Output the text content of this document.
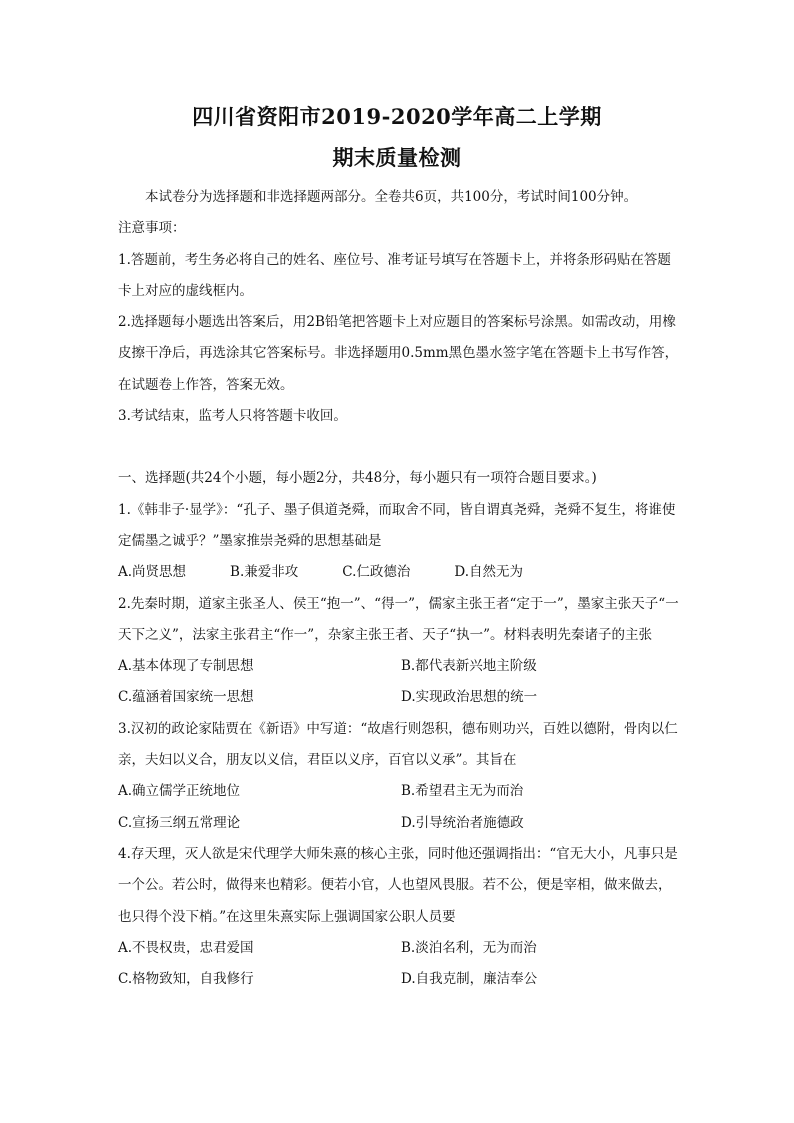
四川省资阳市2019-2020学年高二上学期
期末质量检测

本试卷分为选择题和非选择题两部分。全卷共6页，共100分，考试时间100分钟。

注意事项：

1.答题前，考生务必将自己的姓名、座位号、准考证号填写在答题卡上，并将条形码贴在答题卡上对应的虚线框内。

2.选择题每小题选出答案后，用2B铅笔把答题卡上对应题目的答案标号涂黑。如需改动，用橡皮擦干净后，再选涂其它答案标号。非选择题用0.5mm黑色墨水签字笔在答题卡上书写作答，在试题卷上作答，答案无效。

3.考试结束，监考人只将答题卡收回。

一、选择题(共24个小题，每小题2分，共48分，每小题只有一项符合题目要求。)

1.《韩非子·显学》：“孔子、墨子俱道尧舜，而取舍不同，皆自谓真尧舜，尧舜不复生，将谁使定儒墨之诚乎？”墨家推崇尧舜的思想基础是

A.尚贤思想	B.兼爱非攻	C.仁政德治	D.自然无为

2.先秦时期，道家主张圣人、侯王“抱一”、“得一”，儒家主张王者“定于一”，墨家主张天子“一天下之义”，法家主张君主“作一”，杂家主张王者、天子“执一”。材料表明先秦诸子的主张

A.基本体现了专制思想	B.都代表新兴地主阶级
C.蕴涵着国家统一思想	D.实现政治思想的统一

3.汉初的政论家陆贾在《新语》中写道：“故虐行则怨积，德布则功兴，百姓以德附，骨肉以仁亲，夫妇以义合，朋友以义信，君臣以义序，百官以义承”。其旨在

A.确立儒学正统地位	B.希望君主无为而治
C.宣扬三纲五常理论	D.引导统治者施德政

4.存天理，灭人欲是宋代理学大师朱熹的核心主张，同时他还强调指出：“官无大小，凡事只是一个公。若公时，做得来也精彩。便若小官，人也望风畏服。若不公，便是宰相，做来做去，也只得个没下梢。”在这里朱熹实际上强调国家公职人员要

A.不畏权贵，忠君爱国	B.淡泊名利，无为而治
C.格物致知，自我修行	D.自我克制，廉洁奉公
